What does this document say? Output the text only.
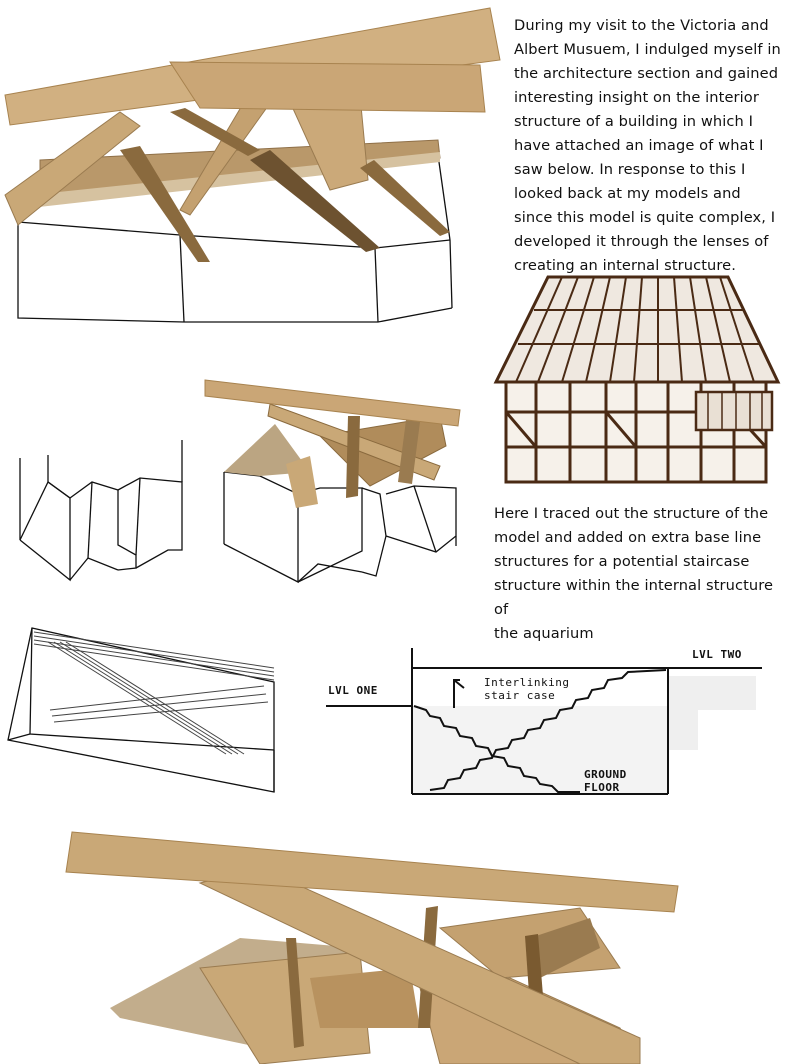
During my visit to the Victoria and
Albert Musuem, I indulged myself in
the architecture section and gained
interesting insight on the interior
structure of a building in which I
have attached an image of what I
saw below. In response to this I
looked back at my models and
since this model is quite complex, I
developed it through the lenses of
creating an internal structure.
Here I traced out the structure of the
model and added on extra base line
structures for a potential staircase
structure within the internal structure of
the aquarium
LVL ONE
LVL TWO
Interlinking
stair case
GROUND
FLOOR
